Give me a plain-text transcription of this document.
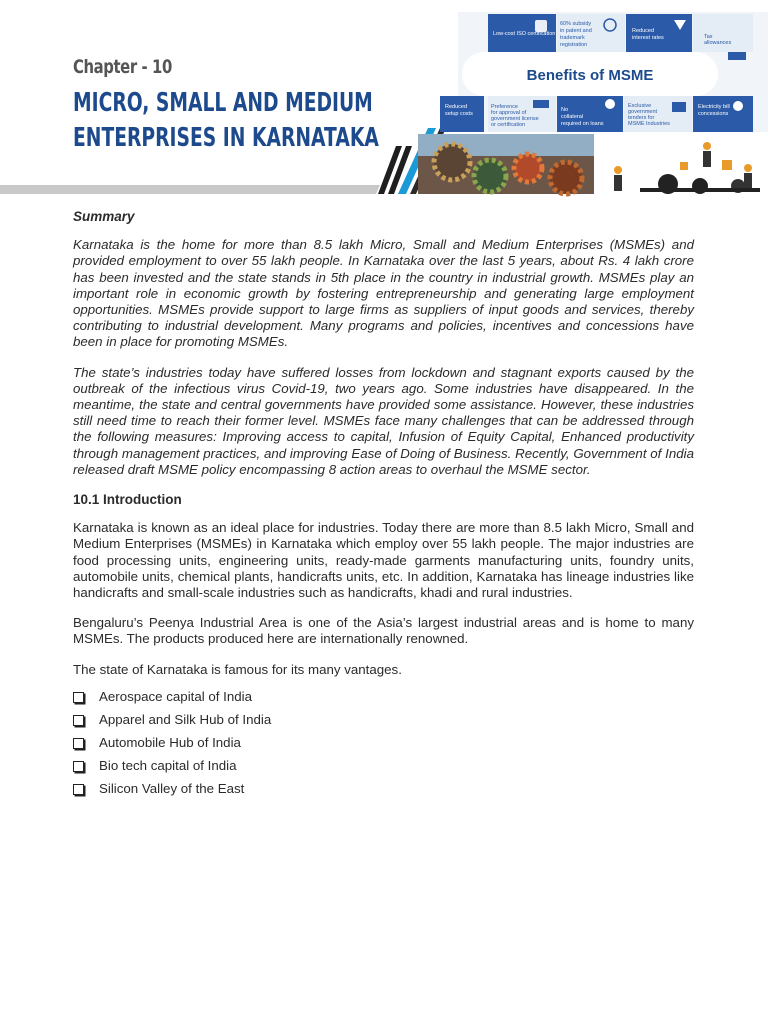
Low-cost ISO certification
60% subsidy
in patent and
trademark
registration
Reduced
interest rates	Tax
allowances
Reduced
setup costs
Preference
for approval of
government license
or certification
No
collateral
required on loans
Exclusive
government
tenders for
MSME Industries
Electricity bill
concessions
Benefits of MSME
Chapter - 10
MICRO, SMALL AND MEDIUM
ENTERPRISES IN KARNATAKA
Summary

Karnataka is the home for more than 8.5 lakh Micro, Small and Medium Enterprises (MSMEs) and provided employment to over 55 lakh people. In Karnataka over the last 5 years, about Rs. 4 lakh crore has been invested and the state stands in 5th place in the country in industrial growth. MSMEs play an important role in economic growth by fostering entrepreneurship and generating large employment opportunities. MSMEs provide support to large firms as suppliers of input goods and services, thereby contributing to industrial development. Many programs and policies, incentives and concessions have been in place for promoting MSMEs.

The state’s industries today have suffered losses from lockdown and stagnant exports caused by the outbreak of the infectious virus Covid-19, two years ago. Some industries have disappeared. In the meantime, the state and central governments have provided some assistance. However, these industries still need time to reach their former level. MSMEs face many challenges that can be addressed through the following measures: Improving access to capital, Infusion of Equity Capital, Enhanced productivity through management practices, and improving Ease of Doing of Business. Recently, Government of India released draft MSME policy encompassing 8 action areas to overhaul the MSME sector.

10.1 Introduction

Karnataka is known as an ideal place for industries. Today there are more than 8.5 lakh Micro, Small and Medium Enterprises (MSMEs) in Karnataka which employ over 55 lakh people. The major industries are food processing units, engineering units, ready-made garments manufacturing units, foundry units, automobile units, chemical plants, handicrafts units, etc. In addition, Karnataka has lineage industries like handicrafts and small-scale industries such as handicrafts, khadi and rural industries.

Bengaluru’s Peenya Industrial Area is one of the Asia’s largest industrial areas and is home to many MSMEs. The products produced here are internationally renowned.

The state of Karnataka is famous for its many vantages.

Aerospace capital of India
Apparel and Silk Hub of India
Automobile Hub of India
Bio tech capital of India
Silicon Valley of the East
